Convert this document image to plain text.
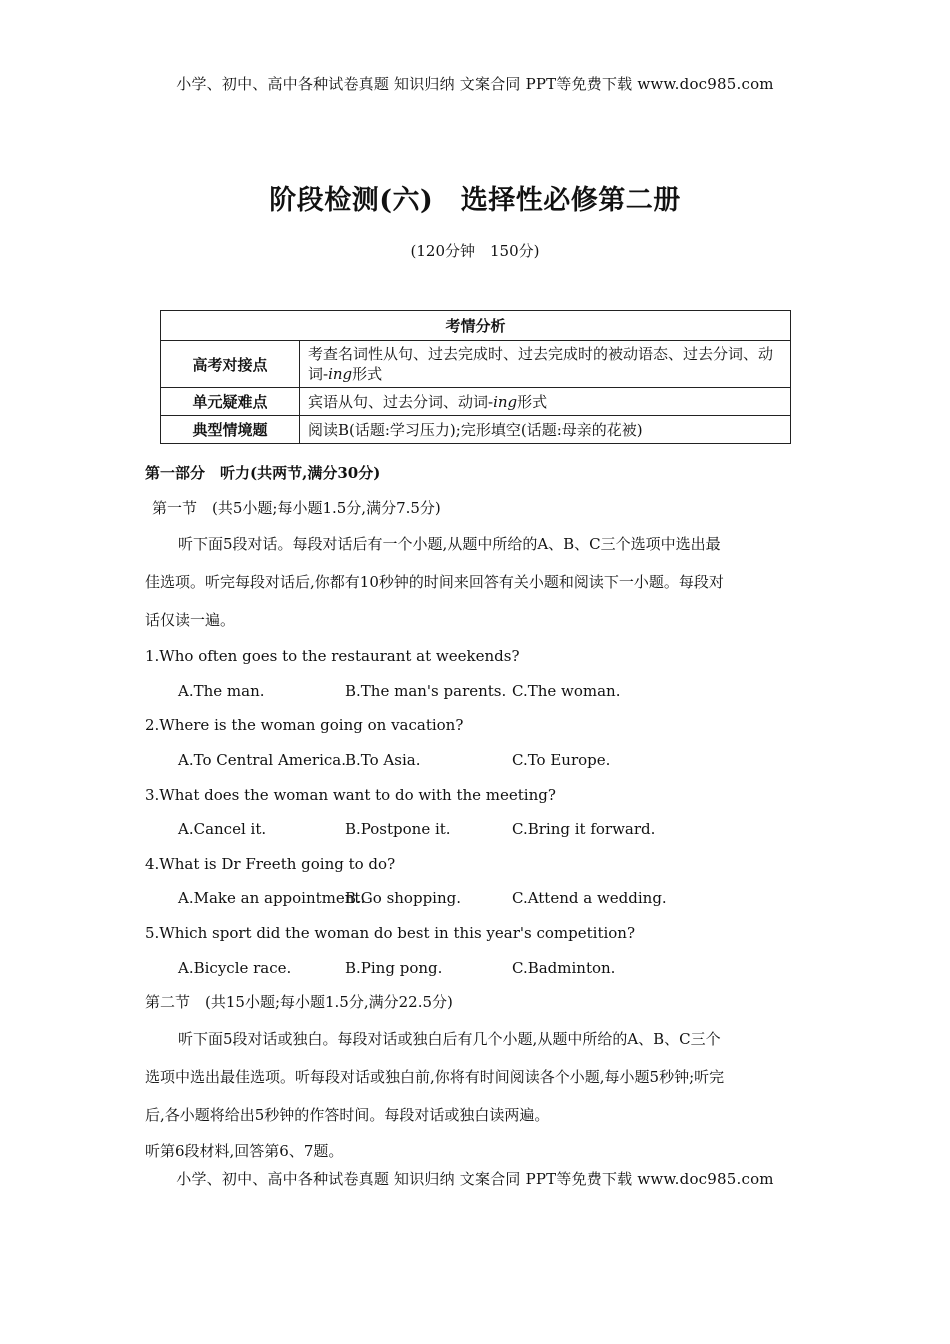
小学、初中、高中各种试卷真题 知识归纳 文案合同 PPT等免费下载 www.doc985.com
阶段检测(六)　选择性必修第二册
(120分钟　150分)
考情分析	
高考对接点	考查名词性从句、过去完成时、过去完成时的被动语态、过去分词、动词-ing形式
单元疑难点	宾语从句、过去分词、动词-ing形式
典型情境题	阅读B(话题:学习压力);完形填空(话题:母亲的花被)
第一部分　听力(共两节,满分30分)
第一节　(共5小题;每小题1.5分,满分7.5分)
听下面5段对话。每段对话后有一个小题,从题中所给的A、B、C三个选项中选出最
佳选项。听完每段对话后,你都有10秒钟的时间来回答有关小题和阅读下一小题。每段对
话仅读一遍。
1.Who often goes to the restaurant at weekends?
A.The man.	B.The man's parents. C.The woman.
2.Where is the woman going on vacation?
A.To Central America. B.To Asia.	C.To Europe.
3.What does the woman want to do with the meeting?
A.Cancel it.	B.Postpone it.	C.Bring it forward.
4.What is Dr Freeth going to do?
A.Make an appointment.
B.Go shopping.	C.Attend a wedding.
5.Which sport did the woman do best in this year's competition?
A.Bicycle race.	B.Ping pong.	C.Badminton.
第二节　(共15小题;每小题1.5分,满分22.5分)
听下面5段对话或独白。每段对话或独白后有几个小题,从题中所给的A、B、C三个
选项中选出最佳选项。听每段对话或独白前,你将有时间阅读各个小题,每小题5秒钟;听完
后,各小题将给出5秒钟的作答时间。每段对话或独白读两遍。
听第6段材料,回答第6、7题。
小学、初中、高中各种试卷真题 知识归纳 文案合同 PPT等免费下载 www.doc985.com
